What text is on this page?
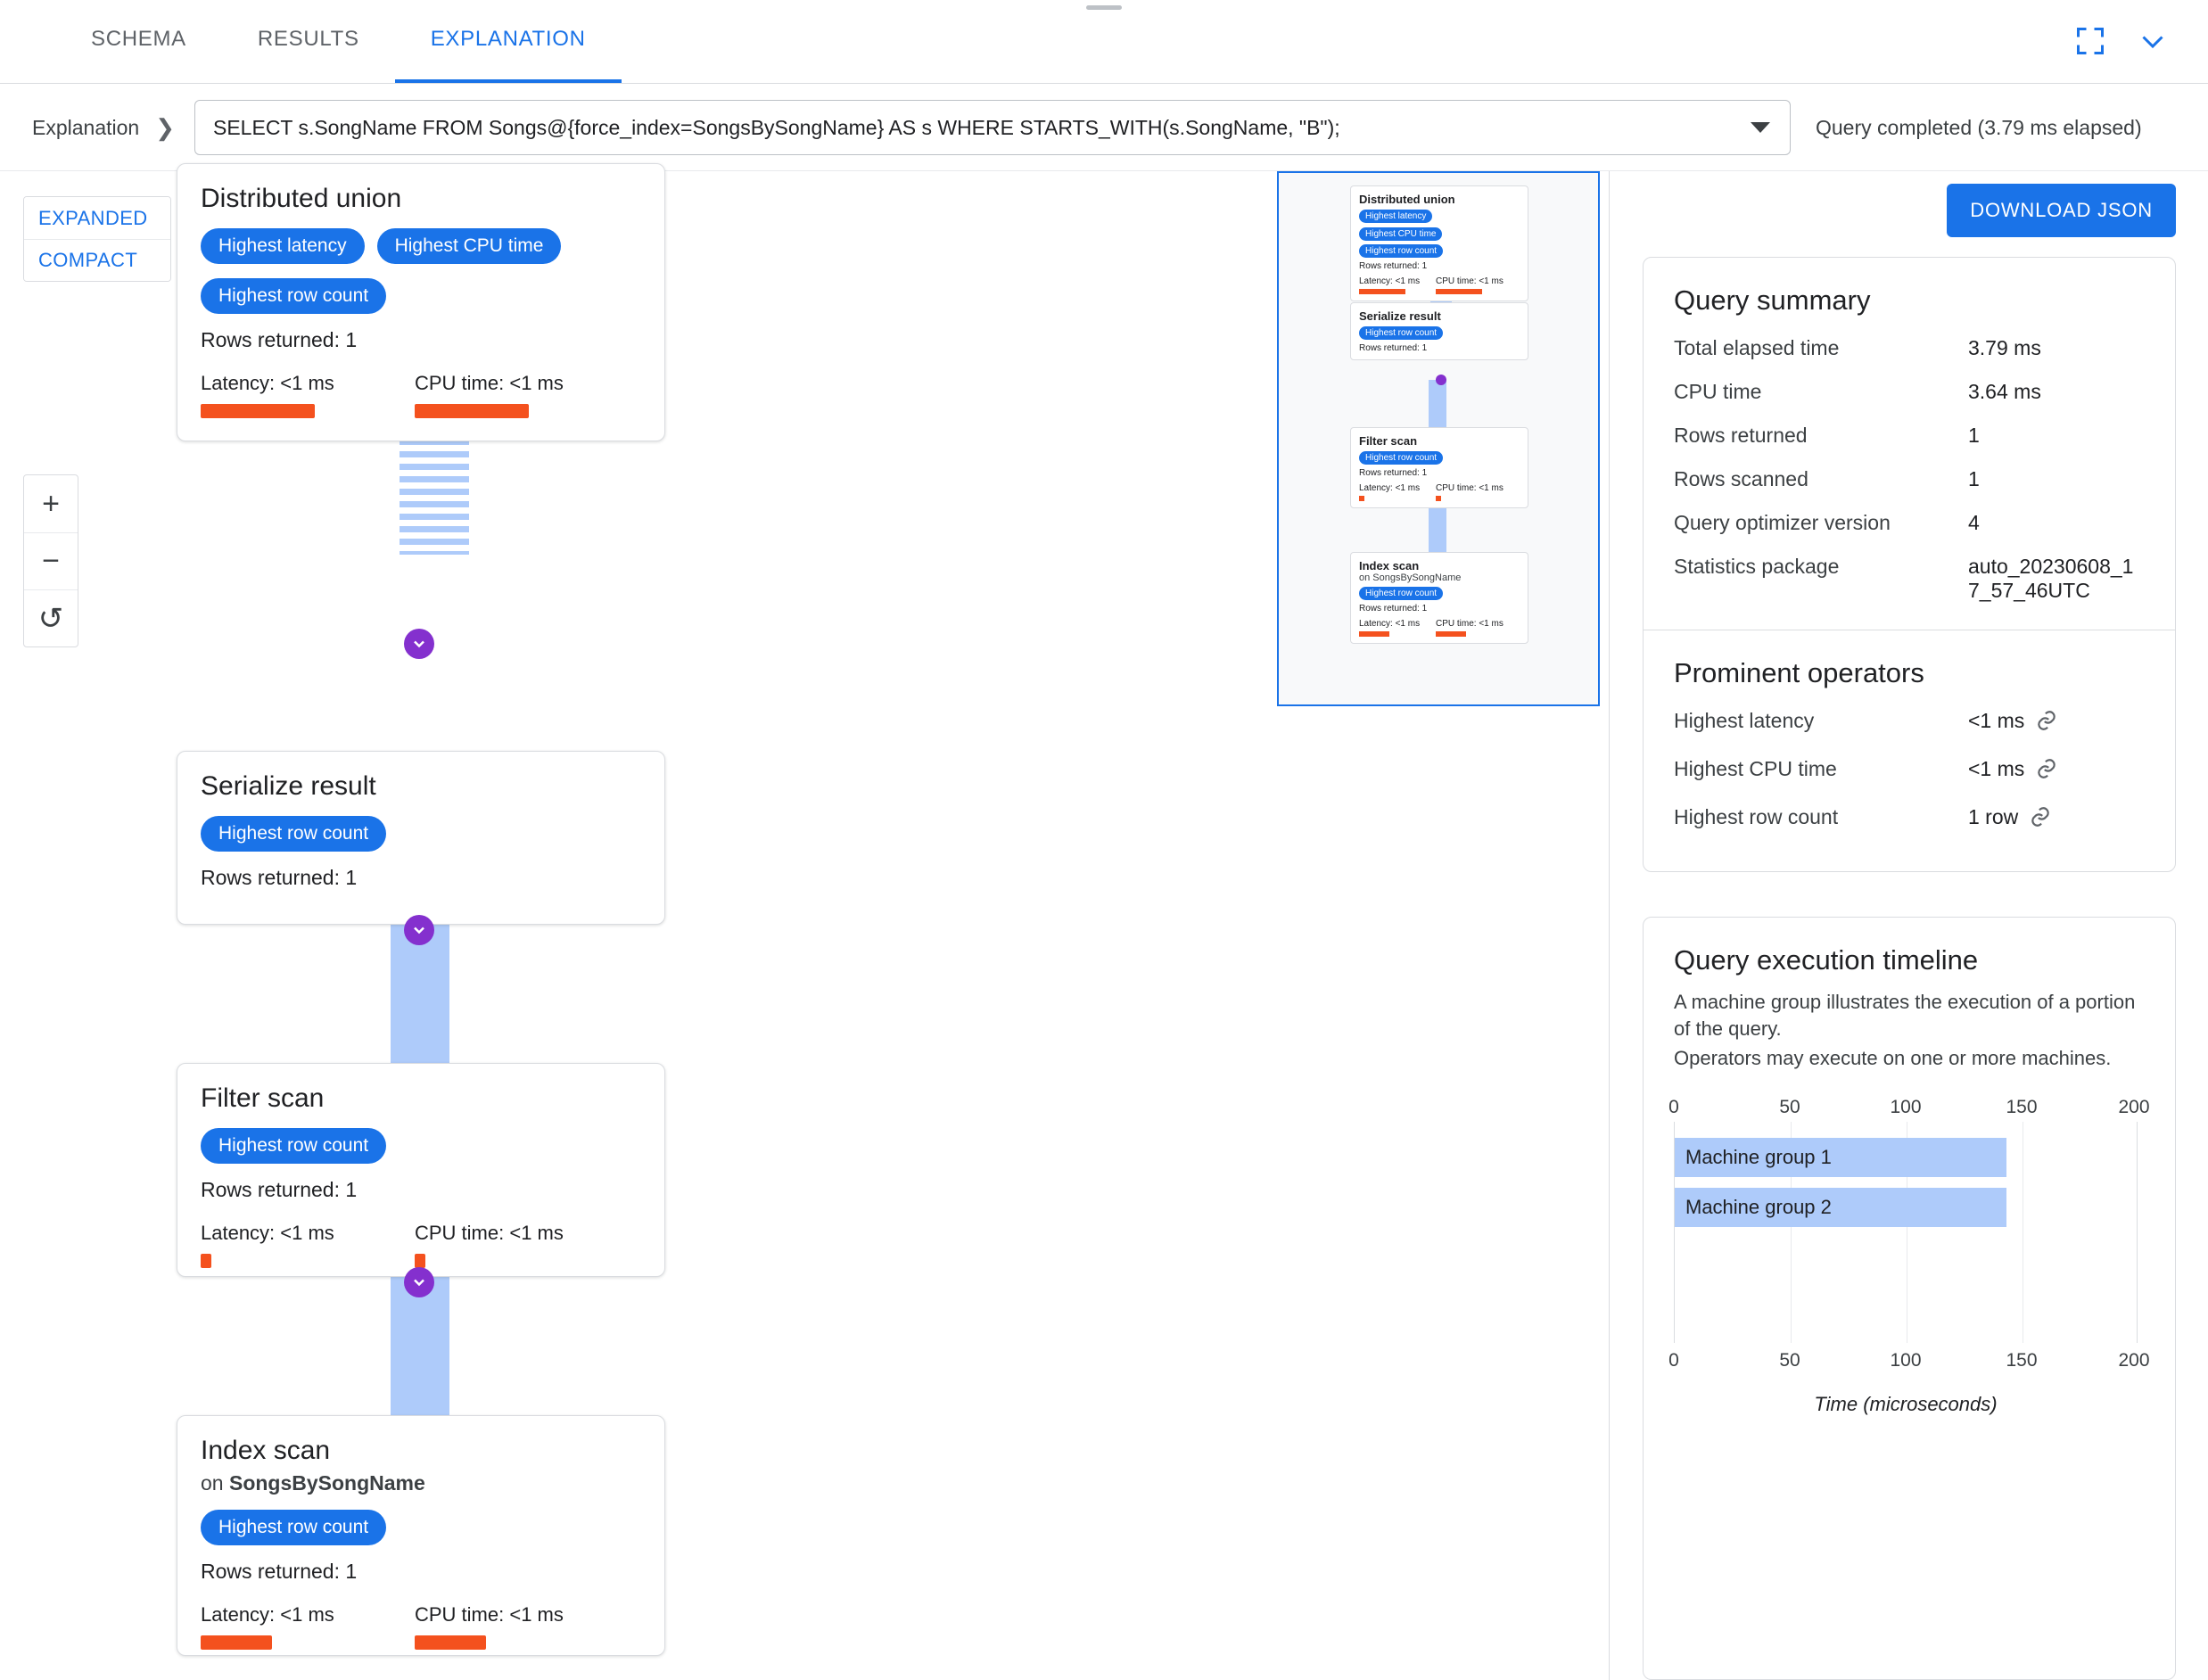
SCHEMA	RESULTS	EXPLANATION
Explanation ❯ SELECT s.SongName FROM Songs@{force_index=SongsBySongName} AS s WHERE STARTS_WITH(s.SongName, "B");	Query completed (3.79 ms elapsed)
EXPANDED
COMPACT
+
−
↺
Distributed union
Highest latency	Highest CPU time
Highest row count
Rows returned: 1
Latency: <1 ms	CPU time: <1 ms
Serialize result
Highest row count
Rows returned: 1
Filter scan
Highest row count
Rows returned: 1
Latency: <1 ms	CPU time: <1 ms
Index scan
on SongsBySongName
Highest row count
Rows returned: 1
Latency: <1 ms	CPU time: <1 ms
Distributed union
Highest latency
Highest CPU time
Highest row count
Rows returned: 1
Latency: <1 ms	CPU time: <1 ms
Serialize result
Highest row count
Rows returned: 1
Filter scan
Highest row count
Rows returned: 1
Latency: <1 ms	CPU time: <1 ms
Index scan
on SongsBySongName
Highest row count
Rows returned: 1
Latency: <1 ms	CPU time: <1 ms
DOWNLOAD JSON
Query summary
Total elapsed time	3.79 ms
CPU time	3.64 ms
Rows returned	1
Rows scanned	1
Query optimizer version	4
Statistics package	auto_20230608_17_57_46UTC
Prominent operators
Highest latency	<1 ms
Highest CPU time	<1 ms
Highest row count	1 row
Query execution timeline
A machine group illustrates the execution of a portion of the query.
Operators may execute on one or more machines.
0	50	100	150	200
Machine group 1
Machine group 2
0	50	100	150	200
Time (microseconds)
